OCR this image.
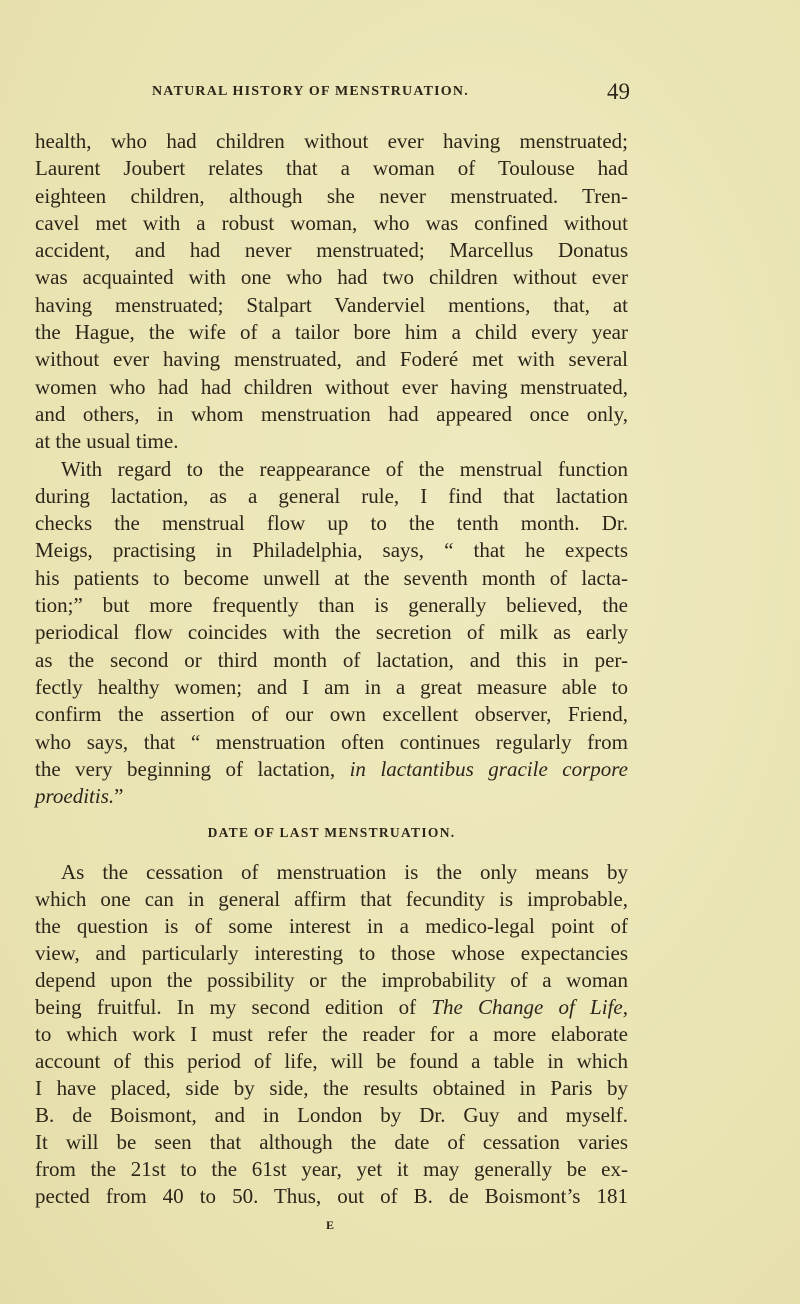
NATURAL HISTORY OF MENSTRUATION.	49
health, who had children without ever having menstruated;
Laurent Joubert relates that a woman of Toulouse had
eighteen children, although she never menstruated. Tren-
cavel met with a robust woman, who was confined without
accident, and had never menstruated; Marcellus Donatus
was acquainted with one who had two children without ever
having menstruated; Stalpart Vanderviel mentions, that, at
the Hague, the wife of a tailor bore him a child every year
without ever having menstruated, and Foderé met with several
women who had had children without ever having menstruated,
and others, in whom menstruation had appeared once only,
at the usual time.
With regard to the reappearance of the menstrual function
during lactation, as a general rule, I find that lactation
checks the menstrual flow up to the tenth month. Dr.
Meigs, practising in Philadelphia, says, “ that he expects
his patients to become unwell at the seventh month of lacta-
tion;” but more frequently than is generally believed, the
periodical flow coincides with the secretion of milk as early
as the second or third month of lactation, and this in per-
fectly healthy women; and I am in a great measure able to
confirm the assertion of our own excellent observer, Friend,
who says, that “ menstruation often continues regularly from
the very beginning of lactation, in lactantibus gracile corpore
proeditis.”
DATE OF LAST MENSTRUATION.
As the cessation of menstruation is the only means by
which one can in general affirm that fecundity is improbable,
the question is of some interest in a medico-legal point of
view, and particularly interesting to those whose expectancies
depend upon the possibility or the improbability of a woman
being fruitful. In my second edition of The Change of Life,
to which work I must refer the reader for a more elaborate
account of this period of life, will be found a table in which
I have placed, side by side, the results obtained in Paris by
B. de Boismont, and in London by Dr. Guy and myself.
It will be seen that although the date of cessation varies
from the 21st to the 61st year, yet it may generally be ex-
pected from 40 to 50. Thus, out of B. de Boismont’s 181
E
